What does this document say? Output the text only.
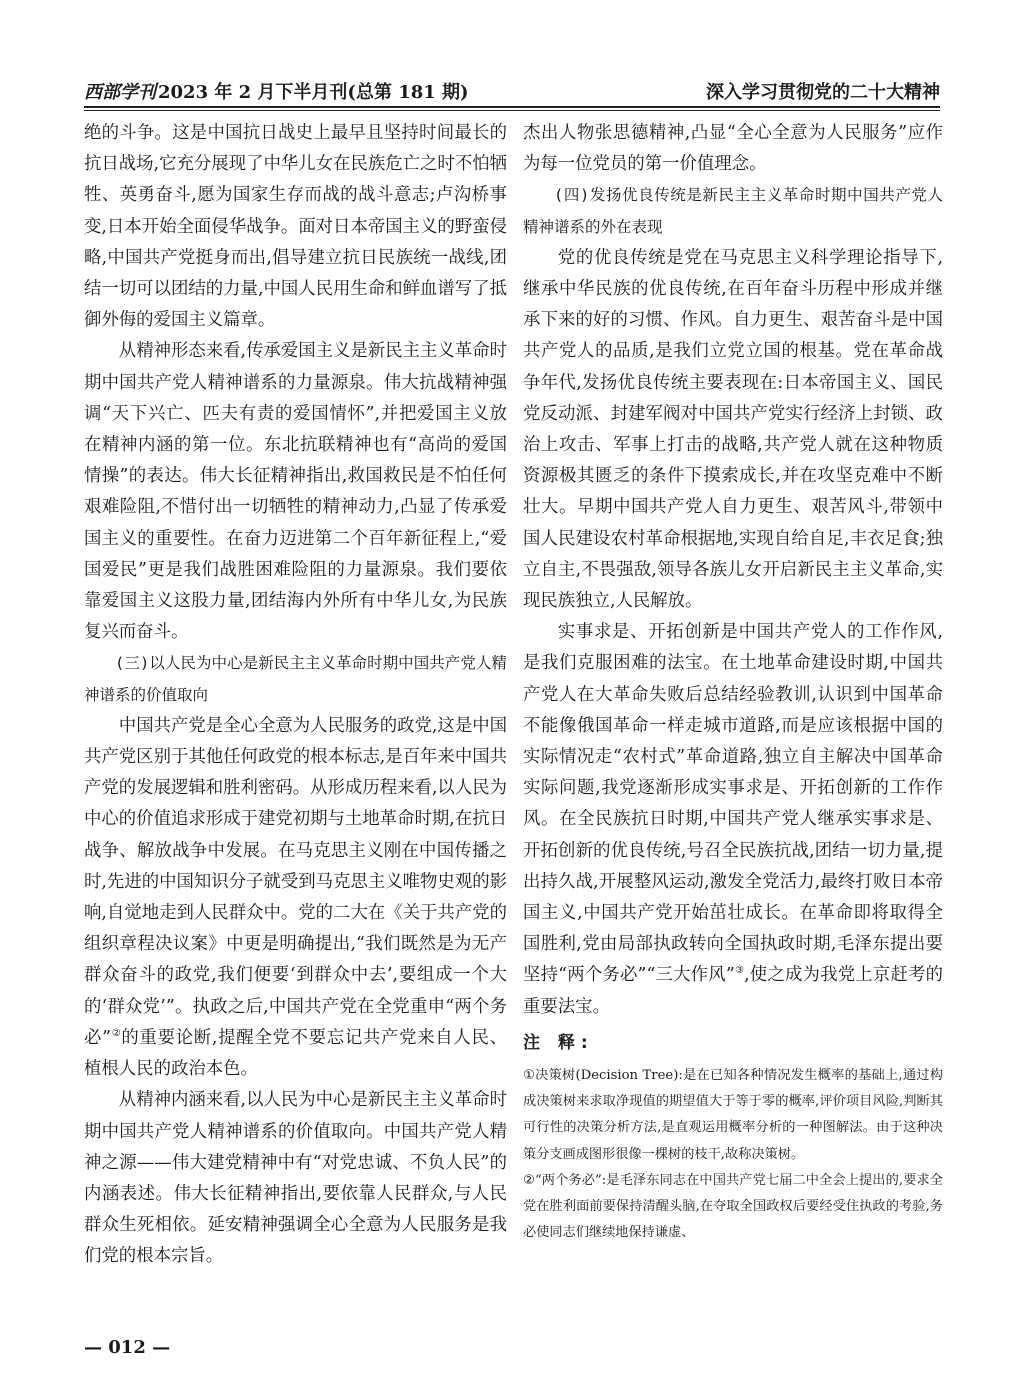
西部学刊 2023 年 2 月下半月刊(总第 181 期)	深入学习贯彻党的二十大精神

绝的斗争。这是中国抗日战史上最早且坚持时间最长的抗日战场,它充分展现了中华儿女在民族危亡之时不怕牺牲、英勇奋斗,愿为国家生存而战的战斗意志;卢沟桥事变,日本开始全面侵华战争。面对日本帝国主义的野蛮侵略,中国共产党挺身而出,倡导建立抗日民族统一战线,团结一切可以团结的力量,中国人民用生命和鲜血谱写了抵御外侮的爱国主义篇章。

从精神形态来看,传承爱国主义是新民主主义革命时期中国共产党人精神谱系的力量源泉。伟大抗战精神强调“天下兴亡、匹夫有责的爱国情怀”,并把爱国主义放在精神内涵的第一位。东北抗联精神也有“高尚的爱国情操”的表达。伟大长征精神指出,救国救民是不怕任何艰难险阻,不惜付出一切牺牲的精神动力,凸显了传承爱国主义的重要性。在奋力迈进第二个百年新征程上,“爱国爱民”更是我们战胜困难险阻的力量源泉。我们要依靠爱国主义这股力量,团结海内外所有中华儿女,为民族复兴而奋斗。

(三)以人民为中心是新民主主义革命时期中国共产党人精神谱系的价值取向

中国共产党是全心全意为人民服务的政党,这是中国共产党区别于其他任何政党的根本标志,是百年来中国共产党的发展逻辑和胜利密码。从形成历程来看,以人民为中心的价值追求形成于建党初期与土地革命时期,在抗日战争、解放战争中发展。在马克思主义刚在中国传播之时,先进的中国知识分子就受到马克思主义唯物史观的影响,自觉地走到人民群众中。党的二大在《关于共产党的组织章程决议案》中更是明确提出,“我们既然是为无产群众奋斗的政党,我们便要‘到群众中去’,要组成一个大的‘群众党’”。执政之后,中国共产党在全党重申“两个务必”②的重要论断,提醒全党不要忘记共产党来自人民、植根人民的政治本色。

从精神内涵来看,以人民为中心是新民主主义革命时期中国共产党人精神谱系的价值取向。中国共产党人精神之源——伟大建党精神中有“对党忠诚、不负人民”的内涵表述。伟大长征精神指出,要依靠人民群众,与人民群众生死相依。延安精神强调全心全意为人民服务是我们党的根本宗旨。

杰出人物张思德精神,凸显“全心全意为人民服务”应作为每一位党员的第一价值理念。

(四)发扬优良传统是新民主主义革命时期中国共产党人精神谱系的外在表现

党的优良传统是党在马克思主义科学理论指导下,继承中华民族的优良传统,在百年奋斗历程中形成并继承下来的好的习惯、作风。自力更生、艰苦奋斗是中国共产党人的品质,是我们立党立国的根基。党在革命战争年代,发扬优良传统主要表现在:日本帝国主义、国民党反动派、封建军阀对中国共产党实行经济上封锁、政治上攻击、军事上打击的战略,共产党人就在这种物质资源极其匮乏的条件下摸索成长,并在攻坚克难中不断壮大。早期中国共产党人自力更生、艰苦风斗,带领中国人民建设农村革命根据地,实现自给自足,丰衣足食;独立自主,不畏强敌,领导各族儿女开启新民主主义革命,实现民族独立,人民解放。

实事求是、开拓创新是中国共产党人的工作作风,是我们克服困难的法宝。在土地革命建设时期,中国共产党人在大革命失败后总结经验教训,认识到中国革命不能像俄国革命一样走城市道路,而是应该根据中国的实际情况走“农村式”革命道路,独立自主解决中国革命实际问题,我党逐渐形成实事求是、开拓创新的工作作风。在全民族抗日时期,中国共产党人继承实事求是、开拓创新的优良传统,号召全民族抗战,团结一切力量,提出持久战,开展整风运动,激发全党活力,最终打败日本帝国主义,中国共产党开始茁壮成长。在革命即将取得全国胜利,党由局部执政转向全国执政时期,毛泽东提出要坚持“两个务必”“三大作风”③,使之成为我党上京赶考的重要法宝。

注 释:

①决策树(Decision Tree):是在已知各种情况发生概率的基础上,通过构成决策树来求取净现值的期望值大于等于零的概率,评价项目风险,判断其可行性的决策分析方法,是直观运用概率分析的一种图解法。由于这种决策分支画成图形很像一棵树的枝干,故称决策树。

②“两个务必”:是毛泽东同志在中国共产党七届二中全会上提出的,要求全党在胜利面前要保持清醒头脑,在夺取全国政权后要经受住执政的考验,务必使同志们继续地保持谦虚、

— 012 —
